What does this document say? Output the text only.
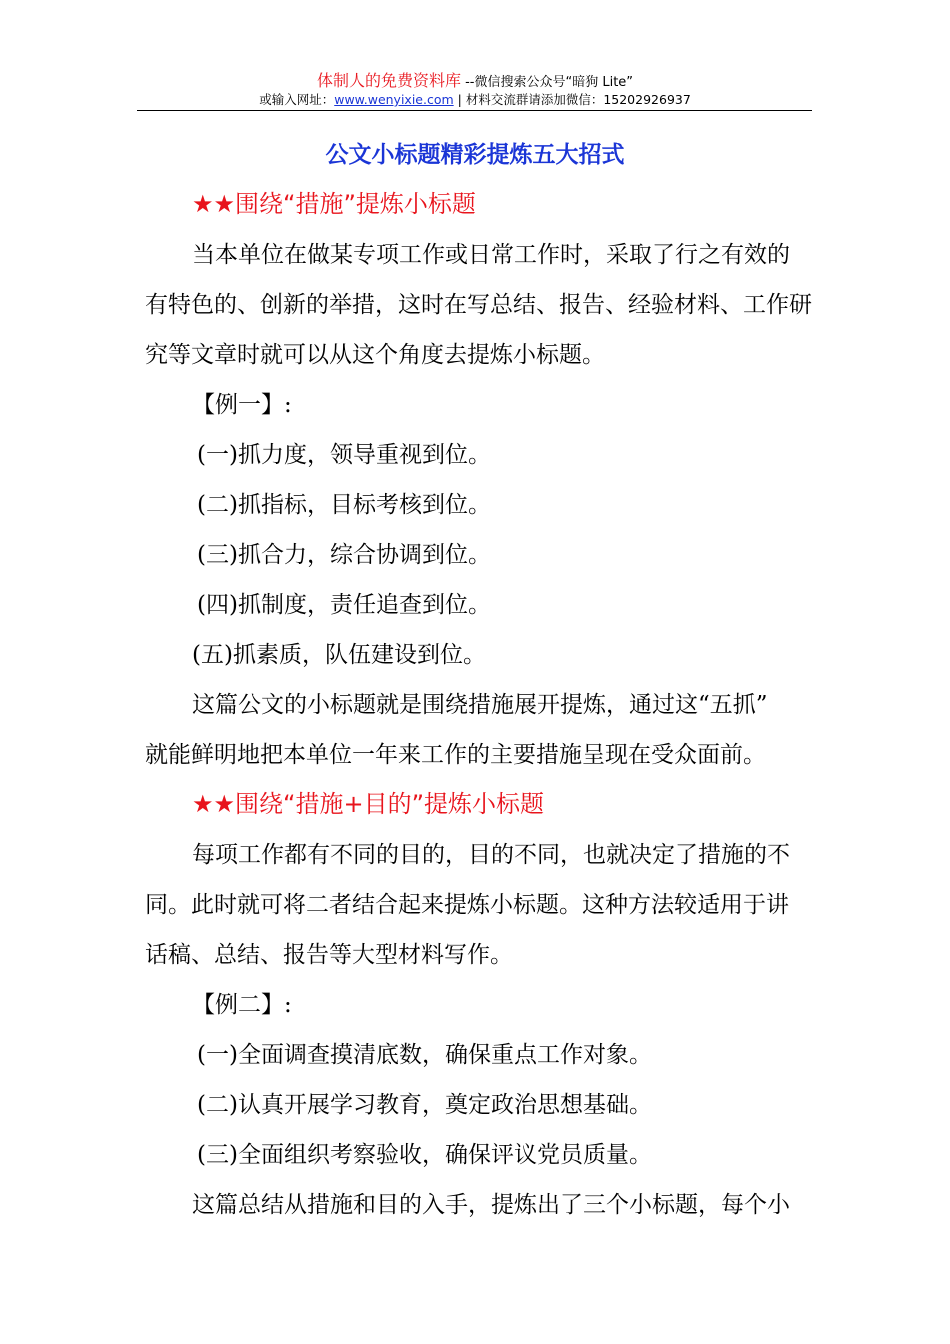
体制人的免费资料库 --微信搜索公众号“暗狗 Lite”
或输入网址：www.wenyixie.com | 材料交流群请添加微信：15202926937
公文小标题精彩提炼五大招式
★★围绕“措施”提炼小标题
当本单位在做某专项工作或日常工作时，采取了行之有效的
有特色的、创新的举措，这时在写总结、报告、经验材料、工作研
究等文章时就可以从这个角度去提炼小标题。
【例一】:
(一)抓力度，领导重视到位。
(二)抓指标，目标考核到位。
(三)抓合力，综合协调到位。
(四)抓制度，责任追查到位。
(五)抓素质，队伍建设到位。
这篇公文的小标题就是围绕措施展开提炼，通过这“五抓”
就能鲜明地把本单位一年来工作的主要措施呈现在受众面前。
★★围绕“措施+目的”提炼小标题
每项工作都有不同的目的，目的不同，也就决定了措施的不
同。此时就可将二者结合起来提炼小标题。这种方法较适用于讲
话稿、总结、报告等大型材料写作。
【例二】:
(一)全面调查摸清底数，确保重点工作对象。
(二)认真开展学习教育，奠定政治思想基础。
(三)全面组织考察验收，确保评议党员质量。
这篇总结从措施和目的入手，提炼出了三个小标题，每个小
